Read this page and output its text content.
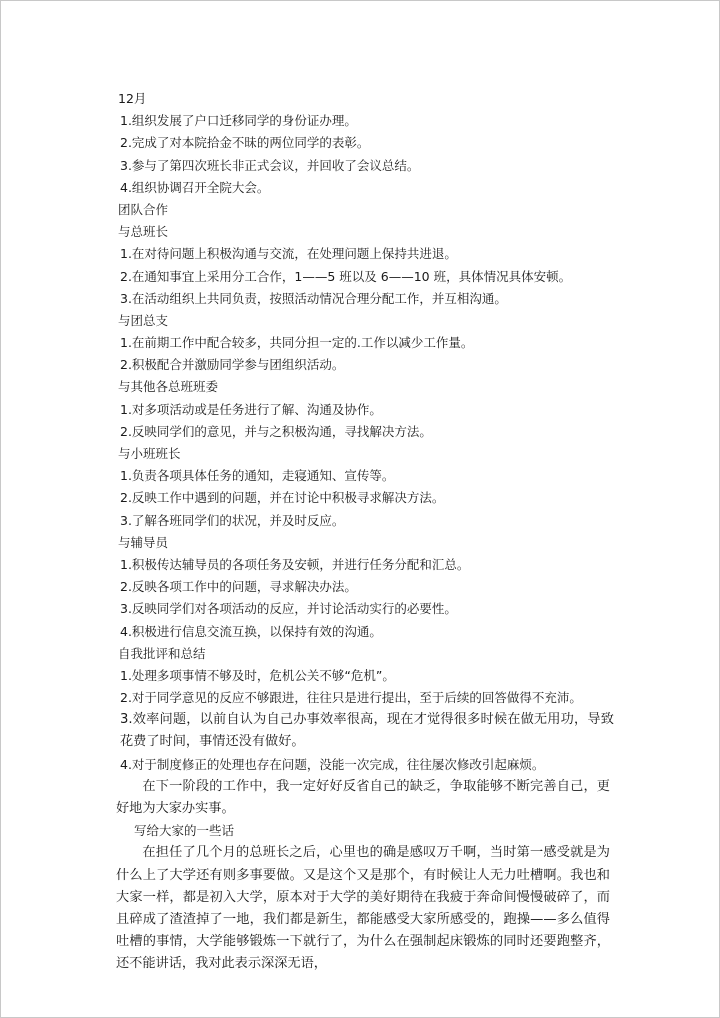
12月
1.组织发展了户口迁移同学的身份证办理。
2.完成了对本院拾金不昧的两位同学的表彰。
3.参与了第四次班长非正式会议，并回收了会议总结。
4.组织协调召开全院大会。
团队合作
与总班长
1.在对待问题上积极沟通与交流，在处理问题上保持共进退。
2.在通知事宜上采用分工合作，1——5 班以及 6——10 班，具体情况具体安顿。
3.在活动组织上共同负责，按照活动情况合理分配工作，并互相沟通。
与团总支
1.在前期工作中配合较多，共同分担一定的.工作以减少工作量。
2.积极配合并激励同学参与团组织活动。
与其他各总班班委
1.对多项活动或是任务进行了解、沟通及协作。
2.反映同学们的意见，并与之积极沟通，寻找解决方法。
与小班班长
1.负责各项具体任务的通知，走寝通知、宣传等。
2.反映工作中遇到的问题，并在讨论中积极寻求解决方法。
3.了解各班同学们的状况，并及时反应。
与辅导员
1.积极传达辅导员的各项任务及安顿，并进行任务分配和汇总。
2.反映各项工作中的问题，寻求解决办法。
3.反映同学们对各项活动的反应，并讨论活动实行的必要性。
4.积极进行信息交流互换，以保持有效的沟通。
自我批评和总结
1.处理多项事情不够及时，危机公关不够“危机”。
2.对于同学意见的反应不够跟进，往往只是进行提出，至于后续的回答做得不充沛。
3.效率问题，以前自认为自己办事效率很高，现在才觉得很多时候在做无用功，导致花费了时间，事情还没有做好。
4.对于制度修正的处理也存在问题，没能一次完成，往往屡次修改引起麻烦。

在下一阶段的工作中，我一定好好反省自己的缺乏，争取能够不断完善自己，更好地为大家办实事。

写给大家的一些话

在担任了几个月的总班长之后，心里也的确是感叹万千啊，当时第一感受就是为什么上了大学还有则多事要做。又是这个又是那个，有时候让人无力吐槽啊。我也和大家一样，都是初入大学，原本对于大学的美好期待在我疲于奔命间慢慢破碎了，而且碎成了渣渣掉了一地，我们都是新生，都能感受大家所感受的，跑操——多么值得吐槽的事情，大学能够锻炼一下就行了，为什么在强制起床锻炼的同时还要跑整齐，还不能讲话，我对此表示深深无语，
